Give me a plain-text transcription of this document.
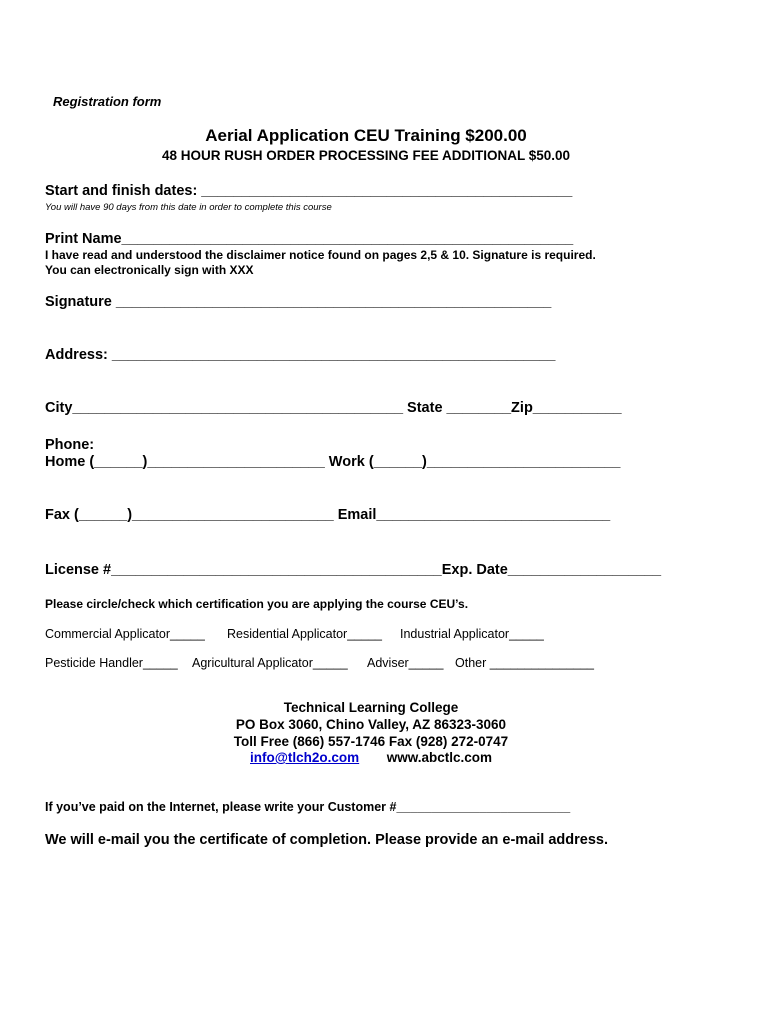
Registration form
Aerial Application CEU Training $200.00
48 HOUR RUSH ORDER PROCESSING FEE ADDITIONAL $50.00
Start and finish dates: ______________________________________________
You will have 90 days from this date in order to complete this course
Print Name________________________________________________________
I have read and understood the disclaimer notice found on pages 2,5 & 10. Signature is required.
You can electronically sign with XXX
Signature ______________________________________________________
Address: _______________________________________________________
City_________________________________________ State ________Zip___________
Phone:
Home (______)______________________ Work (______)________________________
Fax (______)_________________________ Email_____________________________
License #_________________________________________Exp. Date___________________
Please circle/check which certification you are applying the course CEU’s.
Commercial Applicator_____ Residential Applicator_____ Industrial Applicator_____
Pesticide Handler_____ Agricultural Applicator_____ Adviser_____ Other _______________
Technical Learning College
PO Box 3060, Chino Valley, AZ 86323-3060
Toll Free (866) 557-1746 Fax (928) 272-0747
info@tlch2o.com www.abctlc.com
If you’ve paid on the Internet, please write your Customer #_________________________
We will e-mail you the certificate of completion. Please provide an e-mail address.
